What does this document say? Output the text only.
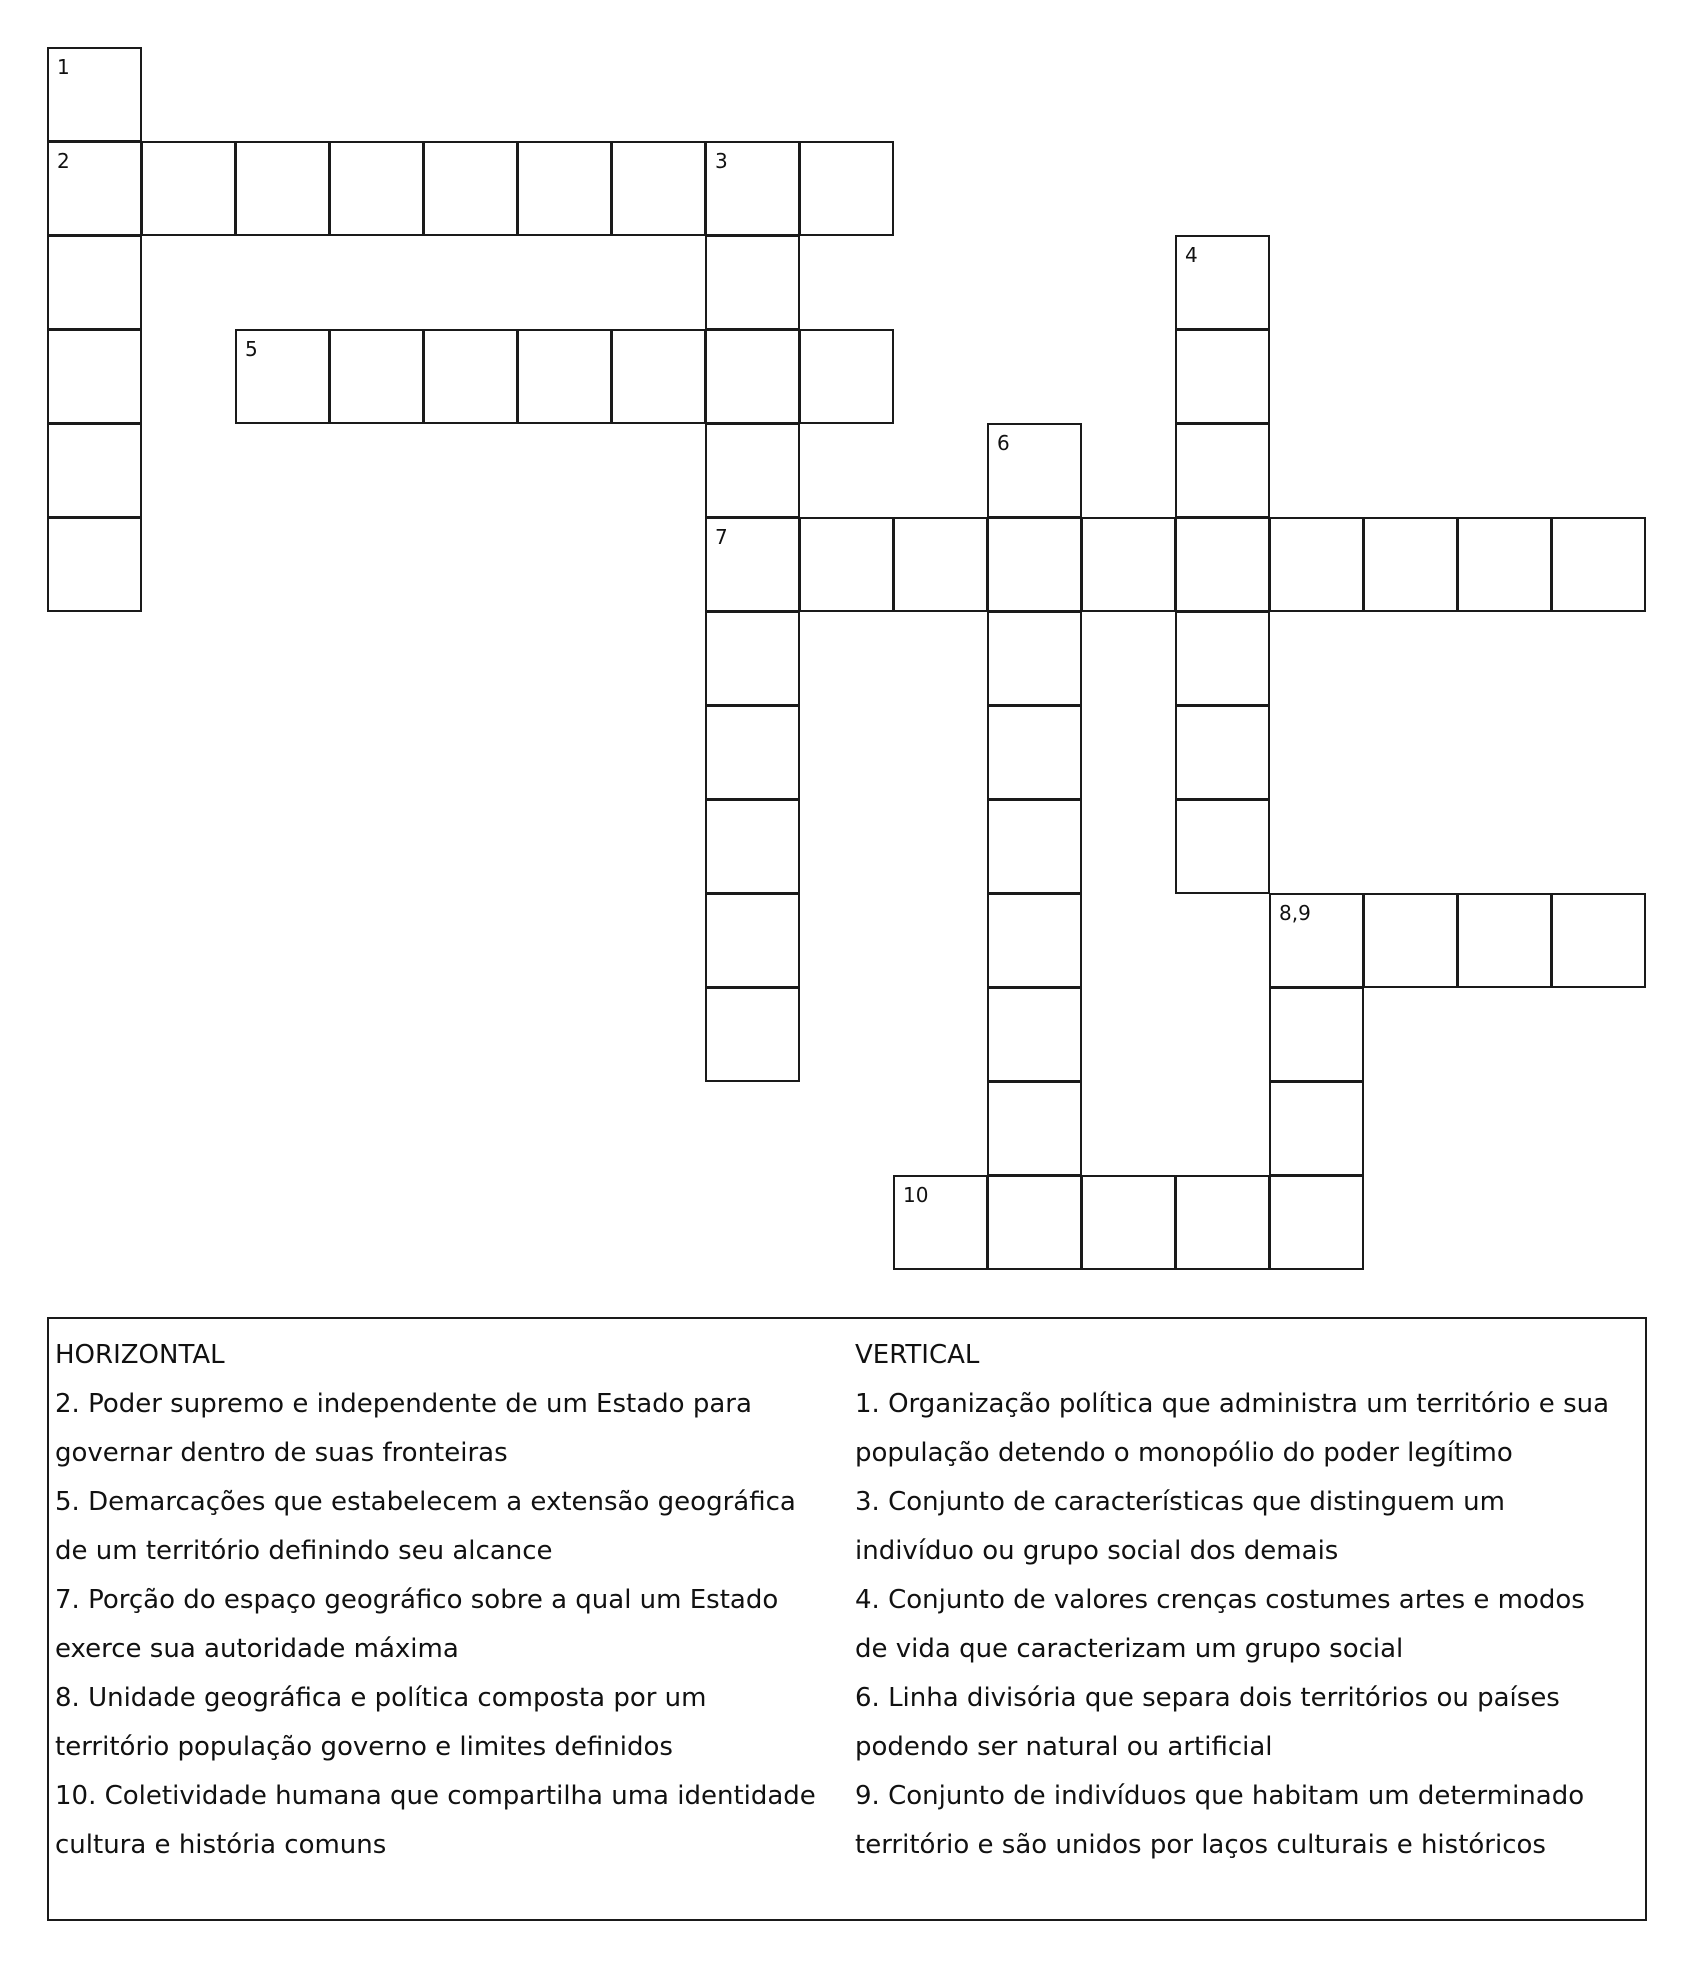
1
2	3
7
4
5
6
8,9
10
HORIZONTAL
2. Poder supremo e independente de um Estado para
governar dentro de suas fronteiras
5. Demarcações que estabelecem a extensão geográfica
de um território definindo seu alcance
7. Porção do espaço geográfico sobre a qual um Estado
exerce sua autoridade máxima
8. Unidade geográfica e política composta por um
território população governo e limites definidos
10. Coletividade humana que compartilha uma identidade
cultura e história comuns
VERTICAL
1. Organização política que administra um território e sua
população detendo o monopólio do poder legítimo
3. Conjunto de características que distinguem um
indivíduo ou grupo social dos demais
4. Conjunto de valores crenças costumes artes e modos
de vida que caracterizam um grupo social
6. Linha divisória que separa dois territórios ou países
podendo ser natural ou artificial
9. Conjunto de indivíduos que habitam um determinado
território e são unidos por laços culturais e históricos
